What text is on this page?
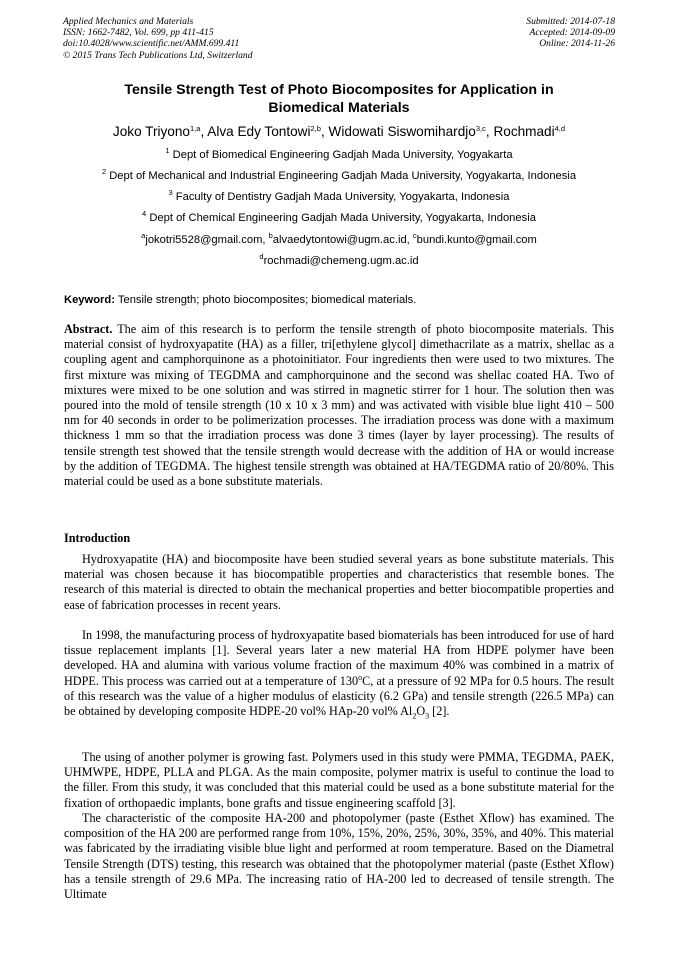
Applied Mechanics and Materials
ISSN: 1662-7482, Vol. 699, pp 411-415
doi:10.4028/www.scientific.net/AMM.699.411
© 2015 Trans Tech Publications Ltd, Switzerland
Submitted: 2014-07-18
Accepted: 2014-09-09
Online: 2014-11-26
Tensile Strength Test of Photo Biocomposites for Application in
Biomedical Materials
Joko Triyono$^{1,a}$, Alva Edy Tontowi$^{2,b}$, Widowati Siswomihardjo$^{3,c}$, Rochmadi$^{4,d}$
$^1$ Dept of Biomedical Engineering Gadjah Mada University, Yogyakarta
$^2$ Dept of Mechanical and Industrial Engineering Gadjah Mada University, Yogyakarta, Indonesia
$^3$ Faculty of Dentistry Gadjah Mada University, Yogyakarta, Indonesia
$^4$ Dept of Chemical Engineering Gadjah Mada University, Yogyakarta, Indonesia
$^a$jokotri5528@gmail.com, $^b$alvaedytontowi@ugm.ac.id, $^c$bundi.kunto@gmail.com
$^d$rochmadi@chemeng.ugm.ac.id
Keyword: Tensile strength; photo biocomposites; biomedical materials.
Abstract. The aim of this research is to perform the tensile strength of photo biocomposite materials. This material consist of hydroxyapatite (HA) as a filler, tri[ethylene glycol] dimethacrilate as a matrix, shellac as a coupling agent and camphorquinone as a photoinitiator. Four ingredients then were used to two mixtures. The first mixture was mixing of TEGDMA and camphorquinone and the second was shellac coated HA. Two of mixtures were mixed to be one solution and was stirred in magnetic stirrer for 1 hour. The solution then was poured into the mold of tensile strength (10 x 10 x 3 mm) and was activated with visible blue light 410 – 500 nm for 40 seconds in order to be polimerization processes. The irradiation process was done with a maximum thickness 1 mm so that the irradiation process was done 3 times (layer by layer processing). The results of tensile strength test showed that the tensile strength would decrease with the addition of HA or would increase by the addition of TEGDMA. The highest tensile strength was obtained at HA/TEGDMA ratio of 20/80%. This material could be used as a bone substitute materials.
Introduction
Hydroxyapatite (HA) and biocomposite have been studied several years as bone substitute materials. This material was chosen because it has biocompatible properties and characteristics that resemble bones. The research of this material is directed to obtain the mechanical properties and better biocompatible properties and ease of fabrication processes in recent years.
In 1998, the manufacturing process of hydroxyapatite based biomaterials has been introduced for use of hard tissue replacement implants [1]. Several years later a new material HA from HDPE polymer have been developed. HA and alumina with various volume fraction of the maximum 40% was combined in a matrix of HDPE. This process was carried out at a temperature of 130$^o$C, at a pressure of 92 MPa for 0.5 hours. The result of this research was the value of a higher modulus of elasticity (6.2 GPa) and tensile strength (226.5 MPa) can be obtained by developing composite HDPE-20 vol% HAp-20 vol% $Al_2O_3$ [2].
The using of another polymer is growing fast. Polymers used in this study were PMMA, TEGDMA, PAEK, UHMWPE, HDPE, PLLA and PLGA. As the main composite, polymer matrix is useful to continue the load to the filler. From this study, it was concluded that this material could be used as a bone substitute material for the fixation of orthopaedic implants, bone grafts and tissue engineering scaffold [3].
The characteristic of the composite HA-200 and photopolymer (paste (Esthet Xflow) has examined. The composition of the HA 200 are performed range from 10%, 15%, 20%, 25%, 30%, 35%, and 40%. This material was fabricated by the irradiating visible blue light and performed at room temperature. Based on the Diametral Tensile Strength (DTS) testing, this research was obtained that the photopolymer material (paste (Esthet Xflow) has a tensile strength of 29.6 MPa. The increasing ratio of HA-200 led to decreased of tensile strength. The Ultimate
